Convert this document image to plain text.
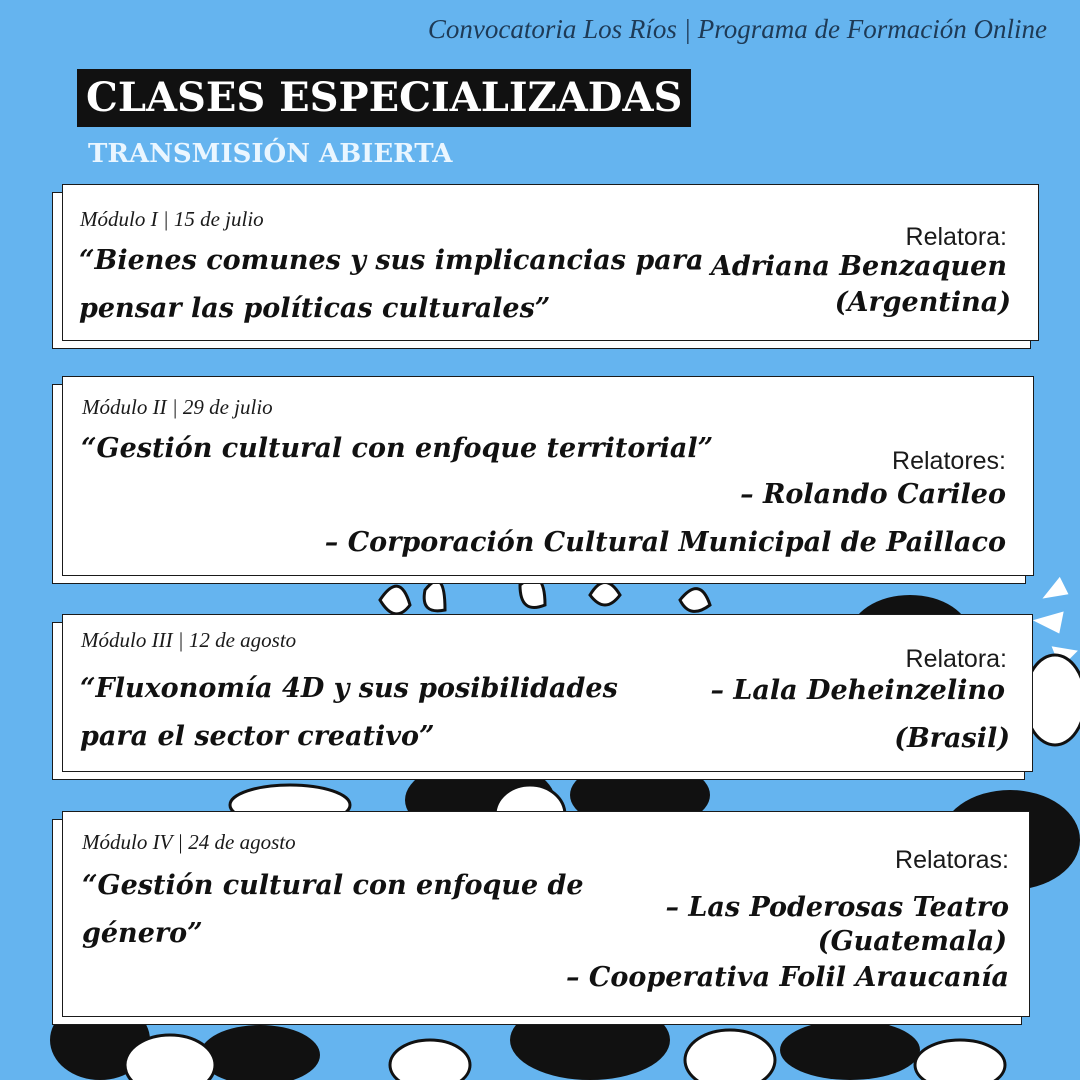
Convocatoria Los Ríos | Programa de Formación Online
CLASES ESPECIALIZADAS
TRANSMISIÓN ABIERTA
Módulo I | 15 de julio
“Bienes comunes y sus implicancias para
pensar las políticas culturales”
Relatora:
– Adriana Benzaquen
(Argentina)
Módulo II | 29 de julio
“Gestión cultural con enfoque territorial”	Relatores:
– Rolando Carileo
– Corporación Cultural Municipal de Paillaco
Módulo III | 12 de agosto
“Fluxonomía 4D y sus posibilidades
para el sector creativo”
Relatora:
– Lala Deheinzelino
(Brasil)
Módulo IV | 24 de agosto
“Gestión cultural con enfoque de
género”
Relatoras:
– Las Poderosas Teatro
(Guatemala)
– Cooperativa Folil Araucanía
